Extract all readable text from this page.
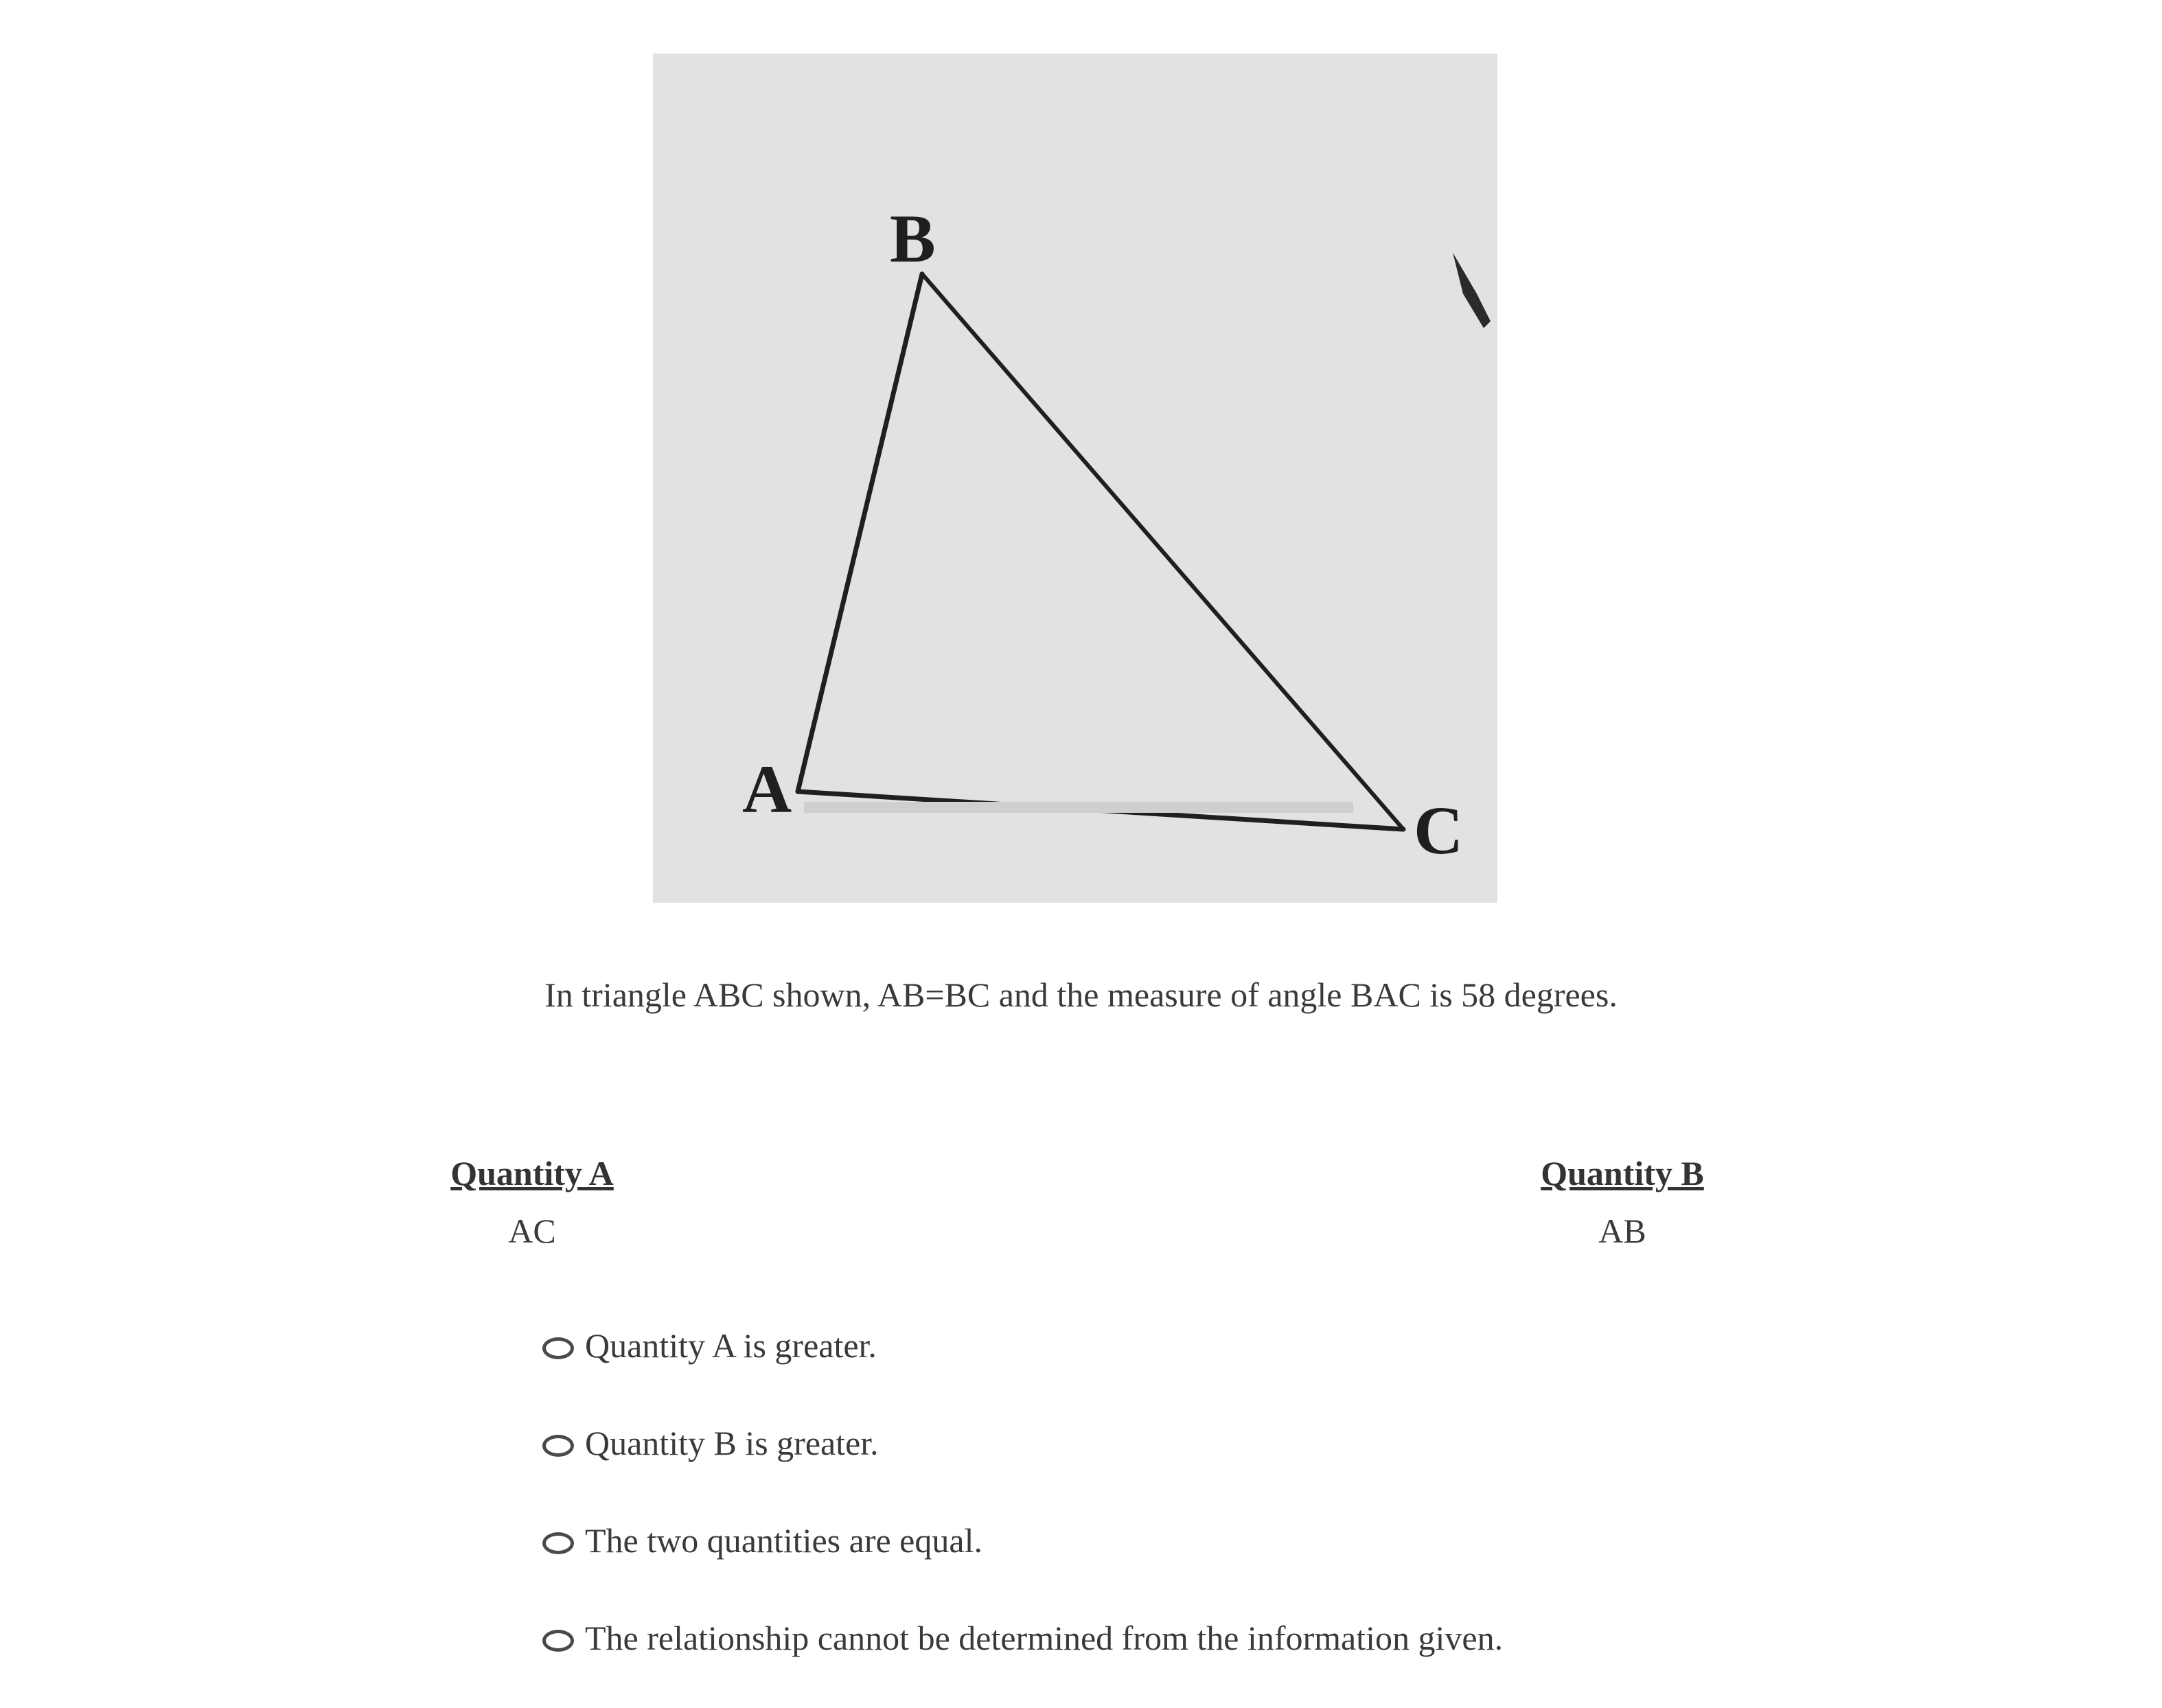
B
A
C
In triangle ABC shown, AB=BC and the measure of angle BAC is 58 degrees.
Quantity A
AC
Quantity B
AB
Quantity A is greater.
Quantity B is greater.
The two quantities are equal.
The relationship cannot be determined from the information given.
